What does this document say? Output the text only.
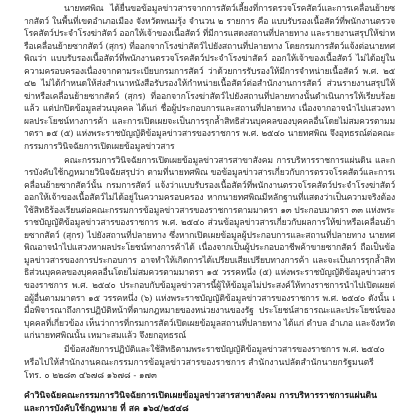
นายทศพิณ ได้ยื่นขอข้อมูลข่าวสารจากการสัตว์เลี้ยงที่การตรวจโรคสัตว์และการเคลื่อนย้ายซากสัตว์ ในพื้นที่เขตอำเภอเมือง จังหวัดพนมรุ้ง จำนวน ๒ รายการ คือ แบบรับรองเนื้อสัตว์ที่พนักงานตรวจโรคสัตว์ประจำโรงฆ่าสัตว์ ออกให้เจ้าของเนื้อสัตว์ ที่มีการแสดงสถานที่ปลายทาง และรายงานสรุปให้ฆ่าหรือเคลื่อนย้ายซากสัตว์ (สุกร) ที่ออกจากโรงฆ่าสัตว์ไปยังสถานที่ปลายทาง โดยกรมการสัตว์แจ้งต่อนายทศพิณว่า แบบรับรองเนื้อสัตว์ที่พนักงานตรวจโรคสัตว์ประจำโรงฆ่าสัตว์ ออกให้เจ้าของเนื้อสัตว์ ไม่ได้อยู่ในความครอบครองเนื่องจากตามระเบียบกรมการสัตว์ ว่าด้วยการรับรองให้มีการจำหน่ายเนื้อสัตว์ พ.ศ. ๒๕๔๒ ไม่ได้กำหนดให้ส่งสำเนาหนังสือรับรองให้กำหน่ายเนื้อสัตว์ต่อสำนักงานการสัตว์ ส่วนรายงานสรุปให้ฆ่าหรือเคลื่อนย้ายซากสัตว์ (สุกร) ที่ออกจากโรงฆ่าสัตว์ไปยังสถานที่ปลายทางนั้นดำเนินการให้เรียบร้อยแล้ว แต่ปกปิดข้อมูลส่วนบุคคล ได้แก่ ชื่อผู้ประกอบการและสถานที่ปลายทาง เนื่องจากอาจนำไปแสวงหาผลประโยชน์ทางการค้า และการเปิดเผยจะเป็นการรุกล้ำสิทธิส่วนบุคคลของบุคคลอื่นโดยไม่สมควรตามมาตรา ๑๕ (๕) แห่งพระราชบัญญัติข้อมูลข่าวสารของราชการ พ.ศ. ๒๕๔๐ นายทศพิณ จึงอุทธรณ์ต่อคณะกรรมการวินิจฉัยการเปิดเผยข้อมูลข่าวสาร

คณะกรรมการวินิจฉัยการเปิดเผยข้อมูลข่าวสารสาขาสังคม การบริหารราชการแผ่นดิน และการบังคับใช้กฎหมายวินิจฉัยสรุปว่า ตามที่นายทศพิณ ขอข้อมูลข่าวสารเกี่ยวกับการตรวจโรคสัตว์และการเคลื่อนย้ายซากสัตว์นั้น กรมการสัตว์ แจ้งว่าแบบรับรองเนื้อสัตว์ที่พนักงานตรวจโรคสัตว์ประจำโรงฆ่าสัตว์ออกให้เจ้าของเนื้อสัตว์ไม่ได้อยู่ในความครอบครอง หากนายทศพิณมีหลักฐานที่แสดงว่าเป็นความจริงต้องใช้สิทธิร้องเรียนต่อคณะกรรมการข้อมูลข่าวสารของราชการตามมาตรา ๑๓ ประกอบมาตรา ๓๓ แห่งพระราชบัญญัติข้อมูลข่าวสารของราชการ พ.ศ. ๒๕๔๐ ส่วนข้อมูลข่าวสารเกี่ยวกับผลการให้ฆ่าหรือเคลื่อนย้ายซากสัตว์ (สุกร) ไปยังสถานที่ปลายทาง ซึ่งหากเปิดเผยข้อมูลผู้ประกอบการและสถานที่ปลายทาง นายทศพิณอาจนำไปแสวงหาผลประโยชน์ทางการค้าได้ เนื่องจากเป็นผู้ประกอบอาชีพค้าขายซากสัตว์ ถือเป็นข้อมูลข่าวสารของการประกอบการ อาจทำให้เกิดการได้เปรียบเสียเปรียบทางการค้า และจะเป็นการรุกล้ำสิทธิส่วนบุคคลของบุคคลอื่นโดยไม่สมควรตามมาตรา ๑๕ วรรคหนึ่ง (๕) แห่งพระราชบัญญัติข้อมูลข่าวสารของราชการ พ.ศ. ๒๕๔๐ ประกอบกับข้อมูลข่าวสารนี้ผู้ให้ข้อมูลไม่ประสงค์ให้ทางราชการนำไปเปิดเผยต่อผู้อื่นตามมาตรา ๑๕ วรรคหนึ่ง (๖) แห่งพระราชบัญญัติข้อมูลข่าวสารของราชการ พ.ศ. ๒๕๔๐ ดังนั้น เมื่อพิจารณาถึงการปฏิบัติหน้าที่ตามกฎหมายของหน่วยงานของรัฐ ประโยชน์สาธารณะและประโยชน์ของบุคคลที่เกี่ยวข้อง เห็นว่าการที่กรมการสัตว์เปิดเผยข้อมูลสถานที่ปลายทาง ได้แก่ ตำบล อำเภอ และจังหวัด แก่นายทศพิณนั้น เหมาะสมแล้ว จึงยกอุทธรณ์

มีข้อสงสัยการปฏิบัติและใช้สิทธิตามพระราชบัญญัติข้อมูลข่าวสารของราชการ พ.ศ. ๒๕๔๐

หรือไปให้สำนักงานคณะกรรมการข้อมูลข่าวสารของราชการ สำนักงานปลัดสำนักนายกรัฐมนตรี

โทร. ๐ ๒๒๘๓ ๔๖๗๘ ๑๖๗๘ - ๑๗๓

คำวินิจฉัยคณะกรรมการวินิจฉัยการเปิดเผยข้อมูลข่าวสารสาขาสังคม การบริหารราชการแผ่นดิน

และการบังคับใช้กฎหมาย ที่ สค ๑๖๔/๒๕๔๘
